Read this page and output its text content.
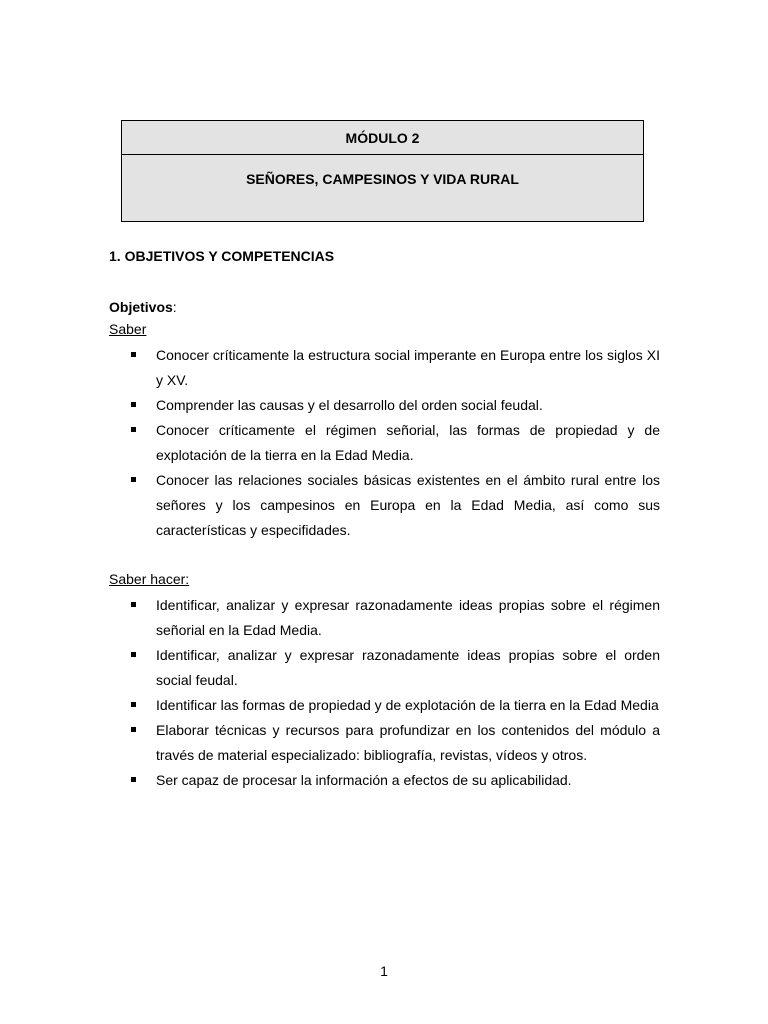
MÓDULO 2
SEÑORES, CAMPESINOS Y VIDA RURAL
1. OBJETIVOS Y COMPETENCIAS

Objetivos:

Saber

Conocer críticamente la estructura social imperante en Europa entre los siglos XI y XV.
Comprender las causas y el desarrollo del orden social feudal.
Conocer críticamente el régimen señorial, las formas de propiedad y de explotación de la tierra en la Edad Media.
Conocer las relaciones sociales básicas existentes en el ámbito rural entre los señores y los campesinos en Europa en la Edad Media, así como sus características y especifidades.

Saber hacer:

Identificar, analizar y expresar razonadamente ideas propias sobre el régimen señorial en la Edad Media.
Identificar, analizar y expresar razonadamente ideas propias sobre el orden social feudal.
Identificar las formas de propiedad y de explotación de la tierra en la Edad Media
Elaborar técnicas y recursos para profundizar en los contenidos del módulo a través de material especializado: bibliografía, revistas, vídeos y otros.
Ser capaz de procesar la información a efectos de su aplicabilidad.
1
